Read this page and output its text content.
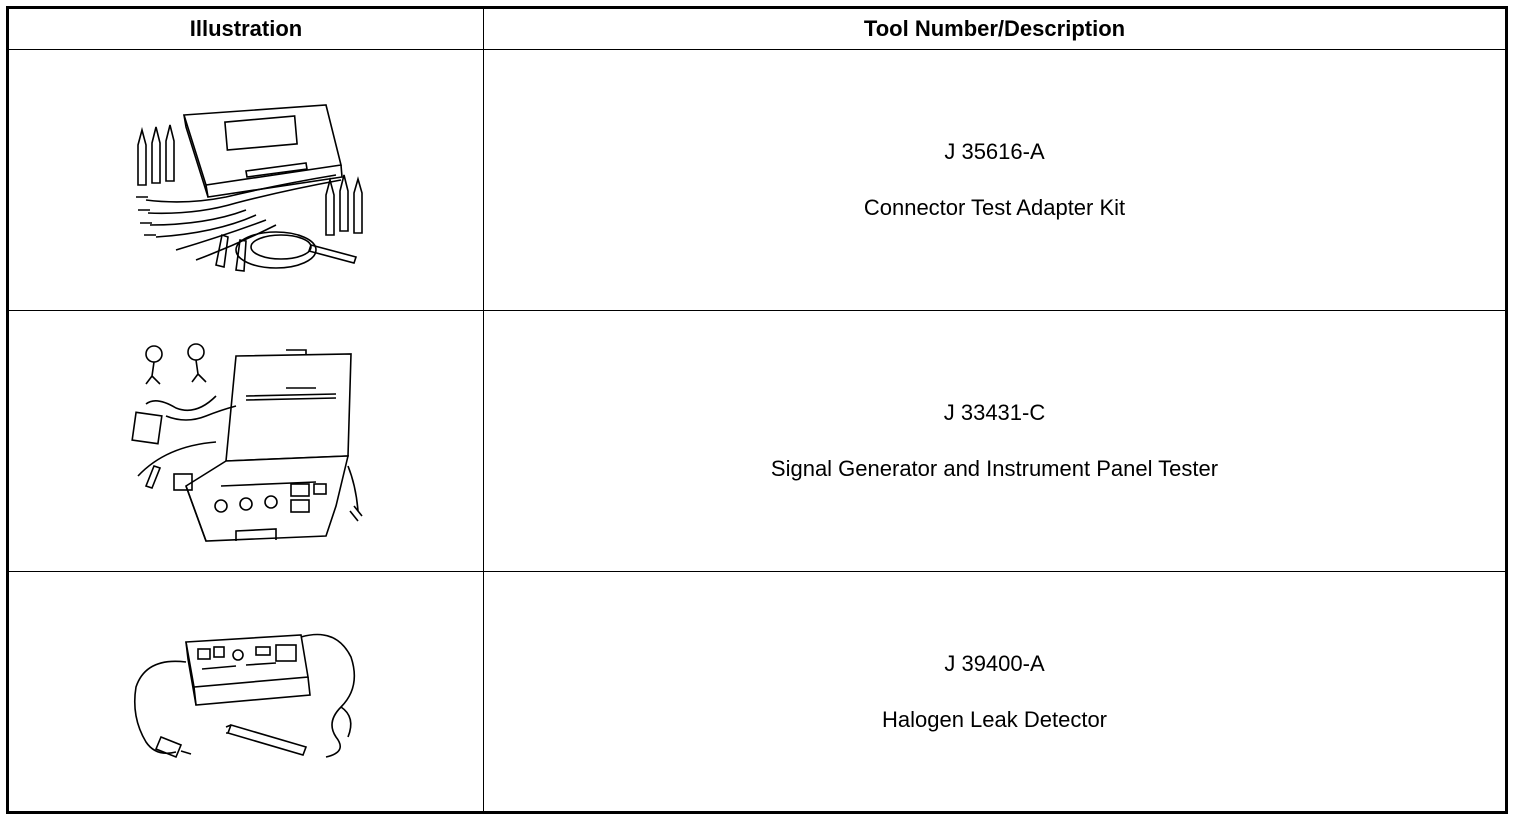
Illustration	Tool Number/Description

J 35616-A
Connector Test Adapter Kit

J 33431-C
Signal Generator and Instrument Panel Tester

J 39400-A
Halogen Leak Detector
